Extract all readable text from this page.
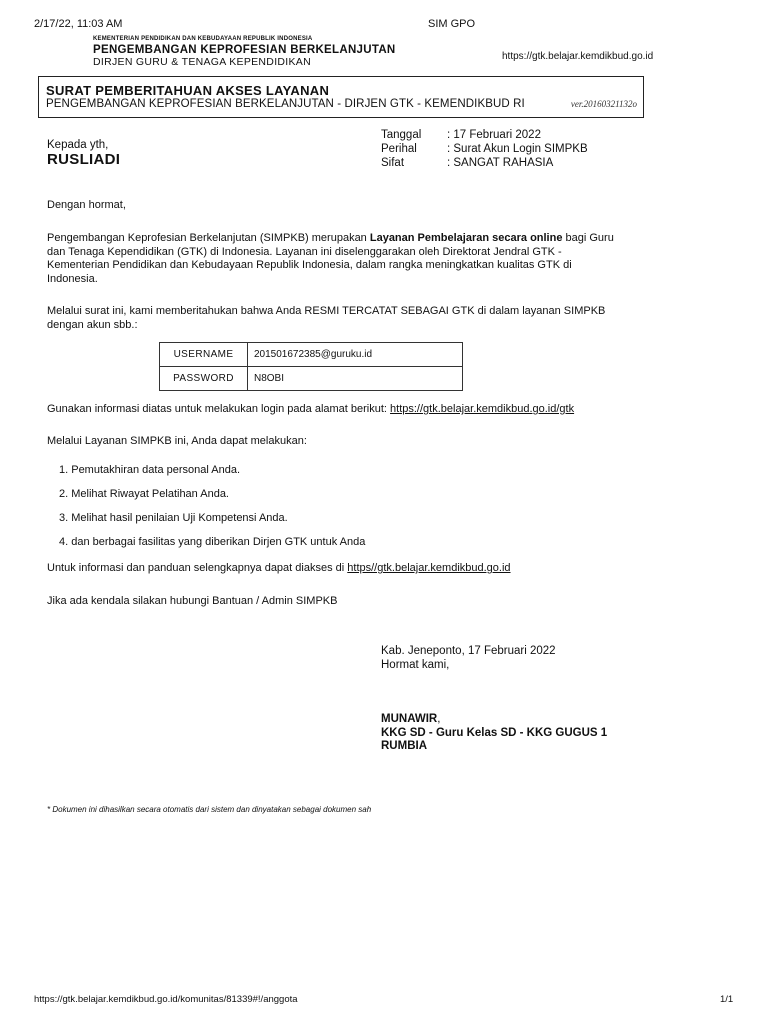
2/17/22, 11:03 AM	SIM GPO
KEMENTERIAN PENDIDIKAN DAN KEBUDAYAAN REPUBLIK INDONESIA
PENGEMBANGAN KEPROFESIAN BERKELANJUTAN
DIRJEN GURU & TENAGA KEPENDIDIKAN	https://gtk.belajar.kemdikbud.go.id
SURAT PEMBERITAHUAN AKSES LAYANAN
PENGEMBANGAN KEPROFESIAN BERKELANJUTAN - DIRJEN GTK - KEMENDIKBUD RI	ver.20160321132o
Kepada yth,
RUSLIADI
Tanggal	: 17 Februari 2022
Perihal	: Surat Akun Login SIMPKB
Sifat	: SANGAT RAHASIA
Dengan hormat,
Pengembangan Keprofesian Berkelanjutan (SIMPKB) merupakan Layanan Pembelajaran secara online bagi Guru
dan Tenaga Kependidikan (GTK) di Indonesia. Layanan ini diselenggarakan oleh Direktorat Jendral GTK -
Kementerian Pendidikan dan Kebudayaan Republik Indonesia, dalam rangka meningkatkan kualitas GTK di
Indonesia.
Melalui surat ini, kami memberitahukan bahwa Anda RESMI TERCATAT SEBAGAI GTK di dalam layanan SIMPKB
dengan akun sbb.:
USERNAME	201501672385@guruku.id
PASSWORD	N8OBI
Gunakan informasi diatas untuk melakukan login pada alamat berikut: https://gtk.belajar.kemdikbud.go.id/gtk
Melalui Layanan SIMPKB ini, Anda dapat melakukan:
1. Pemutakhiran data personal Anda.
2. Melihat Riwayat Pelatihan Anda.
3. Melihat hasil penilaian Uji Kompetensi Anda.
4. dan berbagai fasilitas yang diberikan Dirjen GTK untuk Anda
Untuk informasi dan panduan selengkapnya dapat diakses di https//gtk.belajar.kemdikbud.go.id
Jika ada kendala silakan hubungi Bantuan / Admin SIMPKB
Kab. Jeneponto, 17 Februari 2022
Hormat kami,
MUNAWIR,
KKG SD - Guru Kelas SD - KKG GUGUS 1
RUMBIA
* Dokumen ini dihasilkan secara otomatis dari sistem dan dinyatakan sebagai dokumen sah
https://gtk.belajar.kemdikbud.go.id/komunitas/81339#!/anggota	1/1
